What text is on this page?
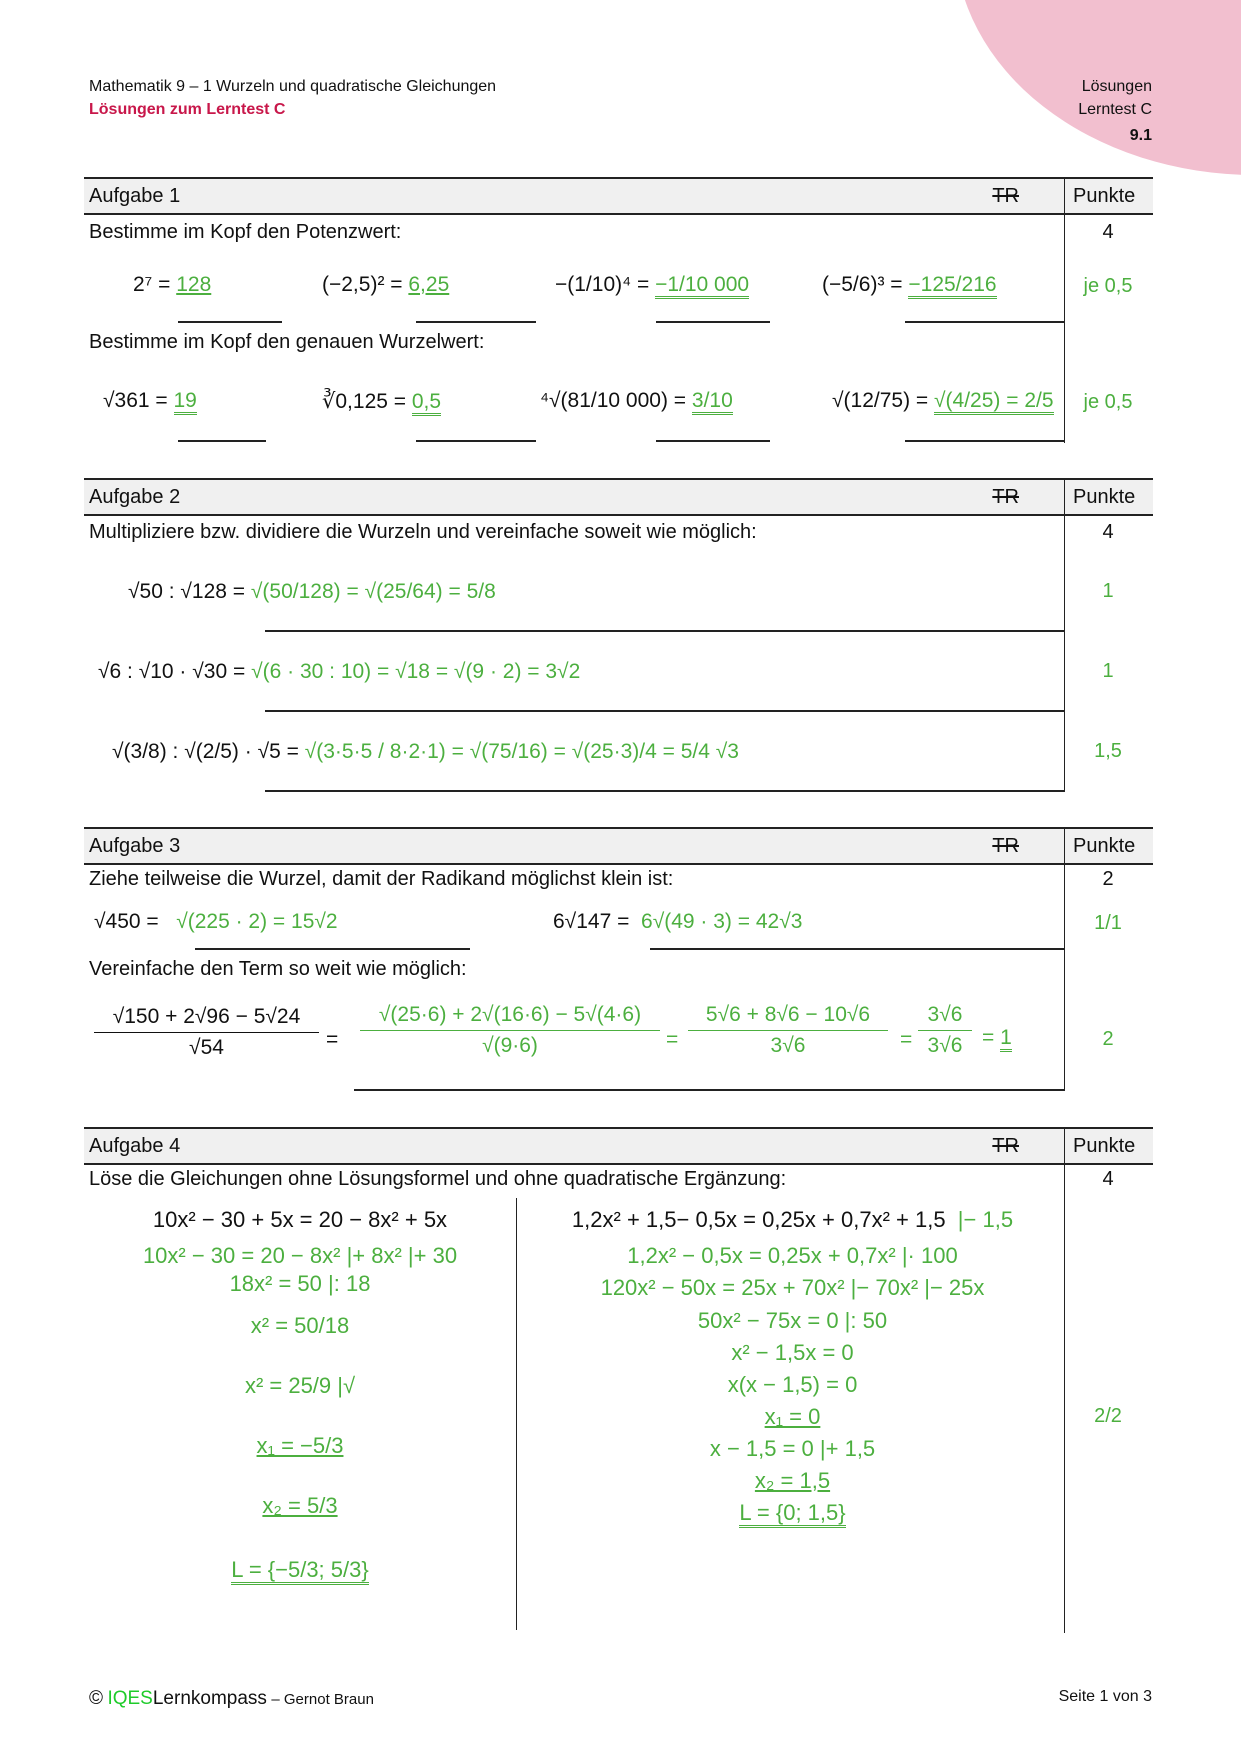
Mathematik 9 – 1 Wurzeln und quadratische Gleichungen
Lösungen zum Lerntest C
Lösungen
Lerntest C
9.1
Aufgabe 1	TR	Punkte
Bestimme im Kopf den Potenzwert:	4
2⁷ = 128	(−2,5)² = 6,25	−(1/10)⁴ = −1/10 000	(−5/6)³ = −125/216	je 0,5
Bestimme im Kopf den genauen Wurzelwert:
√361 = 19	∛0,125 = 0,5	⁴√(81/10 000) = 3/10	√(12/75) = √(4/25) = 2/5	je 0,5
Aufgabe 2	TR	Punkte
Multipliziere bzw. dividiere die Wurzeln und vereinfache soweit wie möglich:	4
√50 : √128 = √(50/128) = √(25/64) = 5/8	1
√6 : √10 · √30 = √(6 · 30 : 10) = √18 = √(9 · 2) = 3√2	1
√(3/8) : √(2/5) · √5 = √(3·5·5 / 8·2·1) = √(75/16) = √(25·3)/4 = 5/4 √3	1,5
Aufgabe 3	TR	Punkte
Ziehe teilweise die Wurzel, damit der Radikand möglichst klein ist:	2
√450 = √(225 · 2) = 15√2	6√147 = 6√(49 · 3) = 42√3	1/1
Vereinfache den Term so weit wie möglich:
$\frac{√150 + 2√96 - 5√24}{√54}$ =
√(25·6) + 2√(16·6) − 5√(4·6)
√(9·6)	=
5√6 + 8√6 − 10√6
3√6	=
3√6
3√6 = 1	2
Aufgabe 4	TR	Punkte
Löse die Gleichungen ohne Lösungsformel und ohne quadratische Ergänzung:	4
10x² − 30 + 5x = 20 − 8x² + 5x
10x² − 30 = 20 − 8x² |+ 8x² |+ 30
18x² = 50 |: 18
x² = 50/18
x² = 25/9 |√
x₁ = −5/3
x₂ = 5/3
L = {−5/3; 5/3}
1,2x² + 1,5− 0,5x = 0,25x + 0,7x² + 1,5 |− 1,5
1,2x² − 0,5x = 0,25x + 0,7x² |· 100
120x² − 50x = 25x + 70x² |− 70x² |− 25x
50x² − 75x = 0 |: 50
x² − 1,5x = 0
x(x − 1,5) = 0
x₁ = 0
x − 1,5 = 0 |+ 1,5
x₂ = 1,5
L = {0; 1,5}
2/2
© IQESLernkompass – Gernot Braun	Seite 1 von 3
